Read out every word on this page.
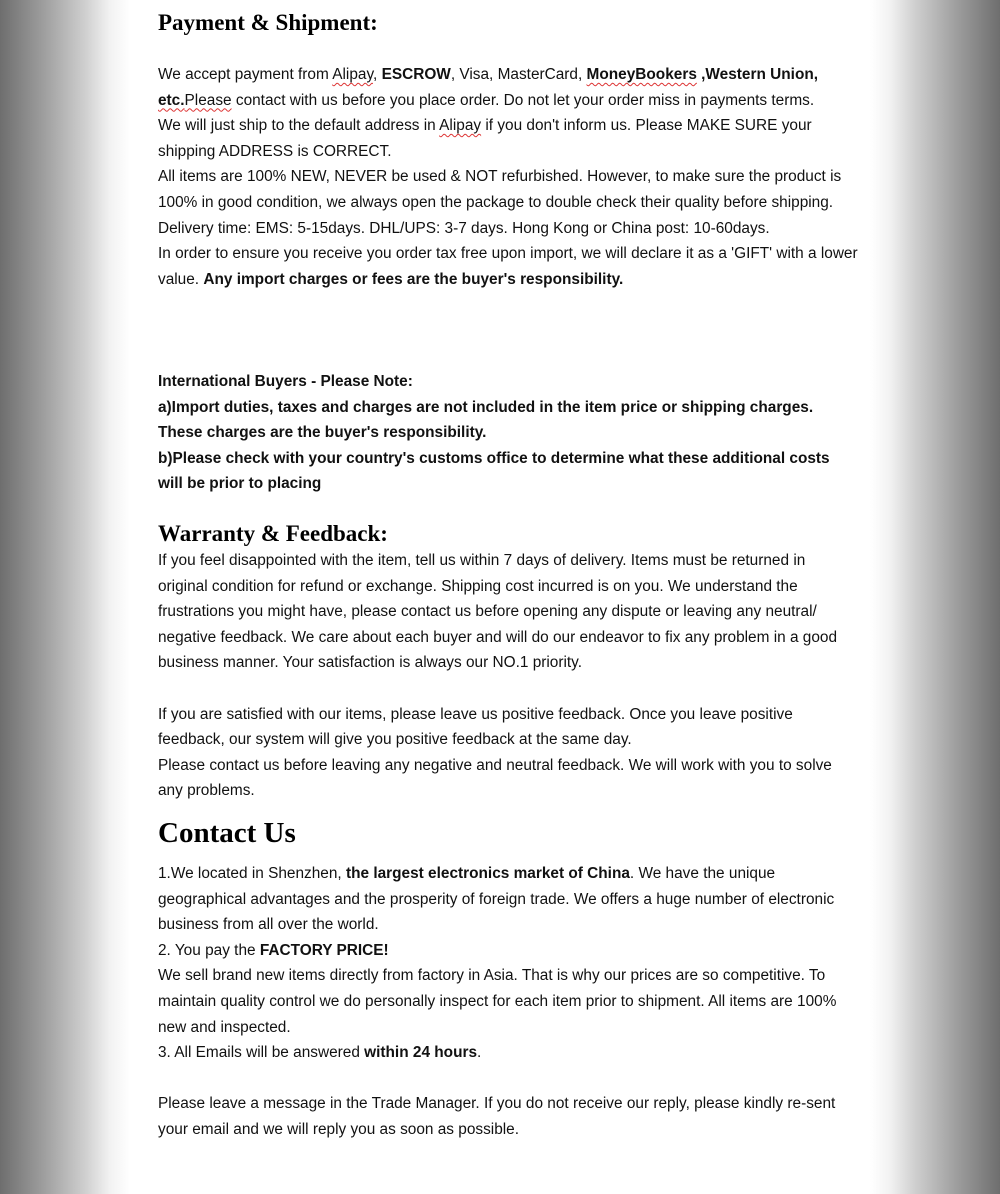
Payment & Shipment:

We accept payment from Alipay, ESCROW, Visa, MasterCard, MoneyBookers ,Western Union, etc.Please contact with us before you place order. Do not let your order miss in payments terms.

We will just ship to the default address in Alipay if you don't inform us. Please MAKE SURE your shipping ADDRESS is CORRECT.

All items are 100% NEW, NEVER be used & NOT refurbished. However, to make sure the product is 100% in good condition, we always open the package to double check their quality before shipping.

Delivery time: EMS: 5-15days. DHL/UPS: 3-7 days. Hong Kong or China post: 10-60days.

In order to ensure you receive you order tax free upon import, we will declare it as a 'GIFT' with a lower value. Any import charges or fees are the buyer's responsibility.

International Buyers - Please Note:

a)Import duties, taxes and charges are not included in the item price or shipping charges. These charges are the buyer's responsibility.

b)Please check with your country's customs office to determine what these additional costs will be prior to placing

Warranty & Feedback:

If you feel disappointed with the item, tell us within 7 days of delivery. Items must be returned in original condition for refund or exchange. Shipping cost incurred is on you. We understand the frustrations you might have, please contact us before opening any dispute or leaving any neutral/ negative feedback. We care about each buyer and will do our endeavor to fix any problem in a good business manner. Your satisfaction is always our NO.1 priority.

If you are satisfied with our items, please leave us positive feedback. Once you leave positive feedback, our system will give you positive feedback at the same day.

Please contact us before leaving any negative and neutral feedback. We will work with you to solve any problems.

Contact Us

1.We located in Shenzhen, the largest electronics market of China. We have the unique geographical advantages and the prosperity of foreign trade. We offers a huge number of electronic business from all over the world.

2. You pay the FACTORY PRICE!

We sell brand new items directly from factory in Asia. That is why our prices are so competitive. To maintain quality control we do personally inspect for each item prior to shipment. All items are 100% new and inspected.

3. All Emails will be answered within 24 hours.

Please leave a message in the Trade Manager. If you do not receive our reply, please kindly re-sent your email and we will reply you as soon as possible.
